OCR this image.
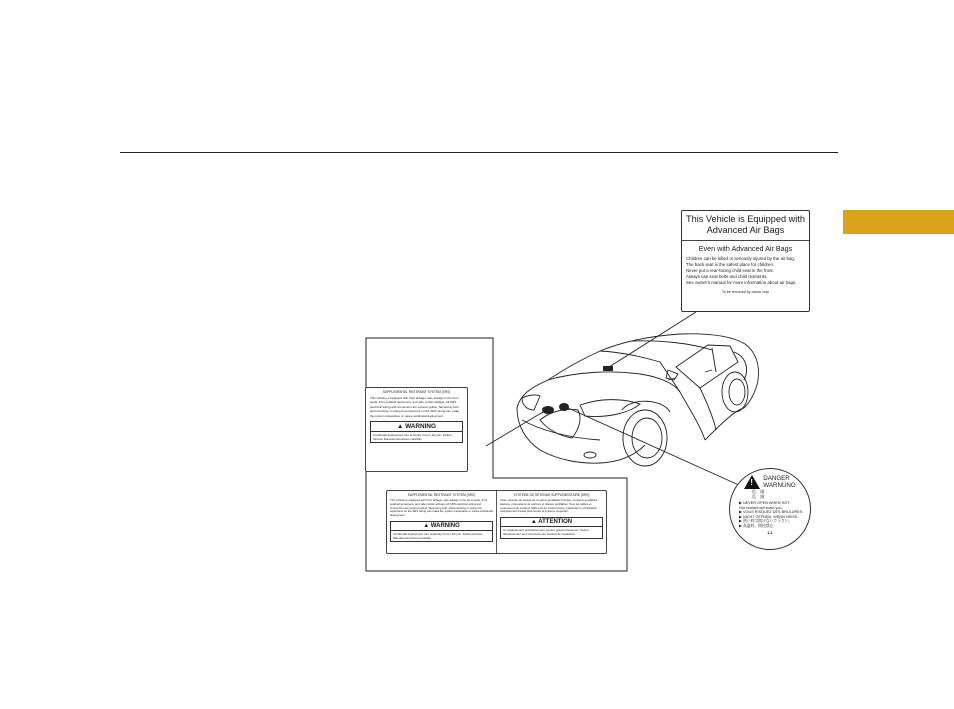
This Vehicle is Equipped with
Advanced Air Bags
Even with Advanced Air Bags
Children can be killed or seriously injured by the air bag.
The back seat is the safest place for children.
Never put a rear-facing child seat in the front.
Always use seat belts and child restraints.
See owner's manual for more information about air bags.
To be removed by owner only
SUPPLEMENTAL RESTRAINT SYSTEM (SRS)
This vehicle is equipped with front airbags, side airbags in the front seats, front seatbelt tensioners, and side curtain airbags. All SRS electrical wiring and connectors are colored yellow. Tampering with, disconnecting or using test equipment on the SRS wiring can make the system inoperative or cause accidental deployment.
▲ WARNING
Accidental deployment can seriously hurt or kill you. Follow Service Manual instructions carefully.
SUPPLEMENTAL RESTRAINT SYSTEM (SRS)
This vehicle is equipped with front airbags, side airbags in the front seats, front seatbelt tensioners, and side curtain airbags. All SRS electrical wiring and connectors are colored yellow. Tampering with, disconnecting or using test equipment on the SRS wiring can make the system inoperative or cause accidental deployment.
▲ WARNING
Accidental deployment can seriously hurt or kill you. Follow Service Manual instructions carefully.
SYSTÈME DE RETENUE SUPPLÉMENTAIRE (SRS)
Cette vehicule est equipe de coussins gonflables frontaux, coussins gonflables lateraux, prétendeurs de ceinture et rideaux gonflables. Tous les cables et connecteurs du systeme SRS sont de couleur jaune. L'alteration ou l'utilisation d'equipement d'essai peut rendre le systeme inoperant.
▲ ATTENTION
Un déploiement accidentel peut causer graves blessures. Suivre attentivement les instructions du manuel de réparation.
! DANGER
WARNUNG
危　険
危　険
▶ NEVER OPEN WHEN HOT.
Hot coolant will scald you.
▶ VOUS RISQUEZ DES BRULURES.
▶ NICHT ÖFFNEN, WENN HEISS.
▶ 熱い時は開けないで下さい。
▶ 高温時、開栓禁止
1.1
